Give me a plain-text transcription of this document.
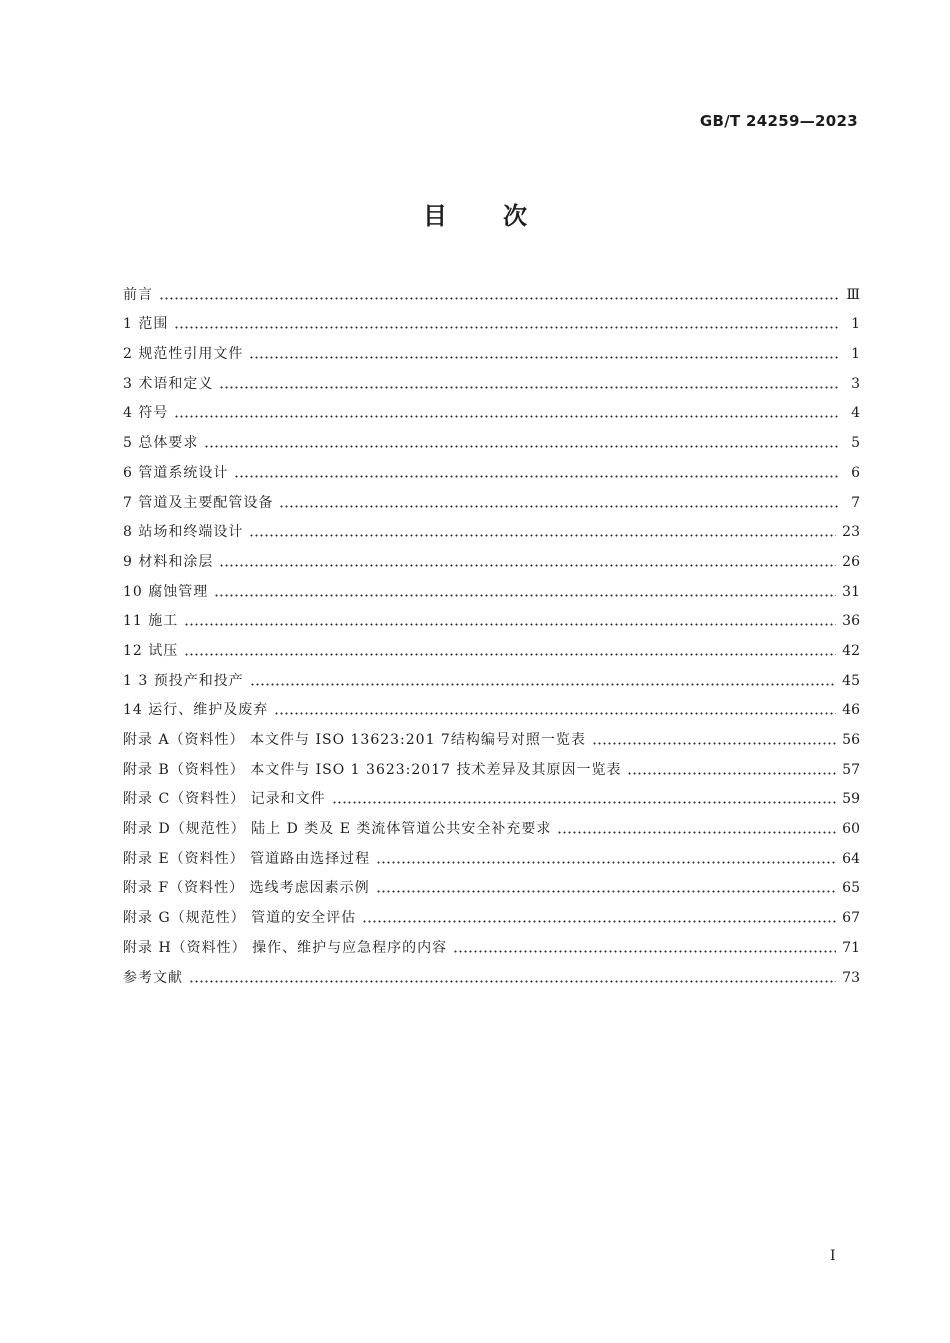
GB/T 24259—2023
目次
前言	Ⅲ
1 范围	1
2 规范性引用文件	1
3 术语和定义	3
4 符号	4
5 总体要求	5
6 管道系统设计	6
7 管道及主要配管设备	7
8 站场和终端设计	23
9 材料和涂层	26
10 腐蚀管理	31
11 施工	36
12 试压	42
1 3 预投产和投产	45
14 运行、维护及废弃	46
附录 A（资料性） 本文件与 ISO 13623:201 7结构编号对照一览表	56
附录 B（资料性） 本文件与 ISO 1 3623:2017 技术差异及其原因一览表	57
附录 C（资料性） 记录和文件	59
附录 D（规范性） 陆上 D 类及 E 类流体管道公共安全补充要求	60
附录 E（资料性） 管道路由选择过程	64
附录 F（资料性） 选线考虑因素示例	65
附录 G（规范性） 管道的安全评估	67
附录 H（资料性） 操作、维护与应急程序的内容	71
参考文献	73
I
